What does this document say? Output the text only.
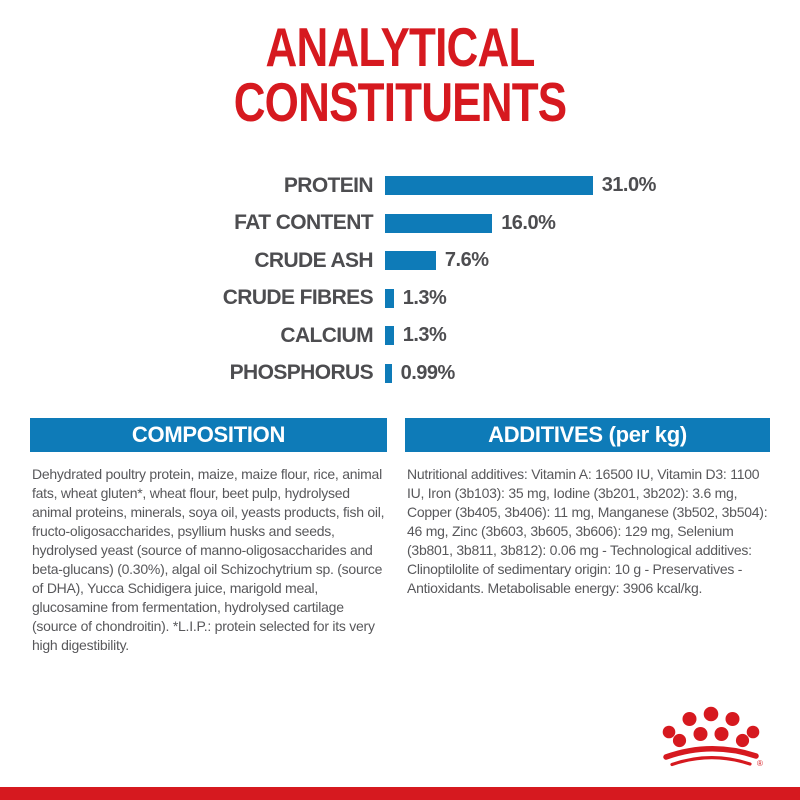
ANALYTICAL
CONSTITUENTS
PROTEIN	31.0%
FAT CONTENT	16.0%
CRUDE ASH	7.6%
CRUDE FIBRES	1.3%
CALCIUM	1.3%
PHOSPHORUS	0.99%
COMPOSITION

Dehydrated poultry protein, maize, maize flour, rice, animal fats, wheat gluten*, wheat flour, beet pulp, hydrolysed animal proteins, minerals, soya oil, yeasts products, fish oil, fructo-oligosaccharides, psyllium husks and seeds, hydrolysed yeast (source of manno-oligosaccharides and beta-glucans) (0.30%), algal oil Schizochytrium sp. (source of DHA), Yucca Schidigera juice, marigold meal, glucosamine from fermentation, hydrolysed cartilage (source of chondroitin). *L.I.P.: protein selected for its very high digestibility.

ADDITIVES (per kg)

Nutritional additives: Vitamin A: 16500 IU, Vitamin D3: 1100 IU, Iron (3b103): 35 mg, Iodine (3b201, 3b202): 3.6 mg, Copper (3b405, 3b406): 11 mg, Manganese (3b502, 3b504): 46 mg, Zinc (3b603, 3b605, 3b606): 129 mg, Selenium (3b801, 3b811, 3b812): 0.06 mg - Technological additives: Clinoptilolite of sedimentary origin: 10 g - Preservatives - Antioxidants. Metabolisable energy: 3906 kcal/kg.

®
